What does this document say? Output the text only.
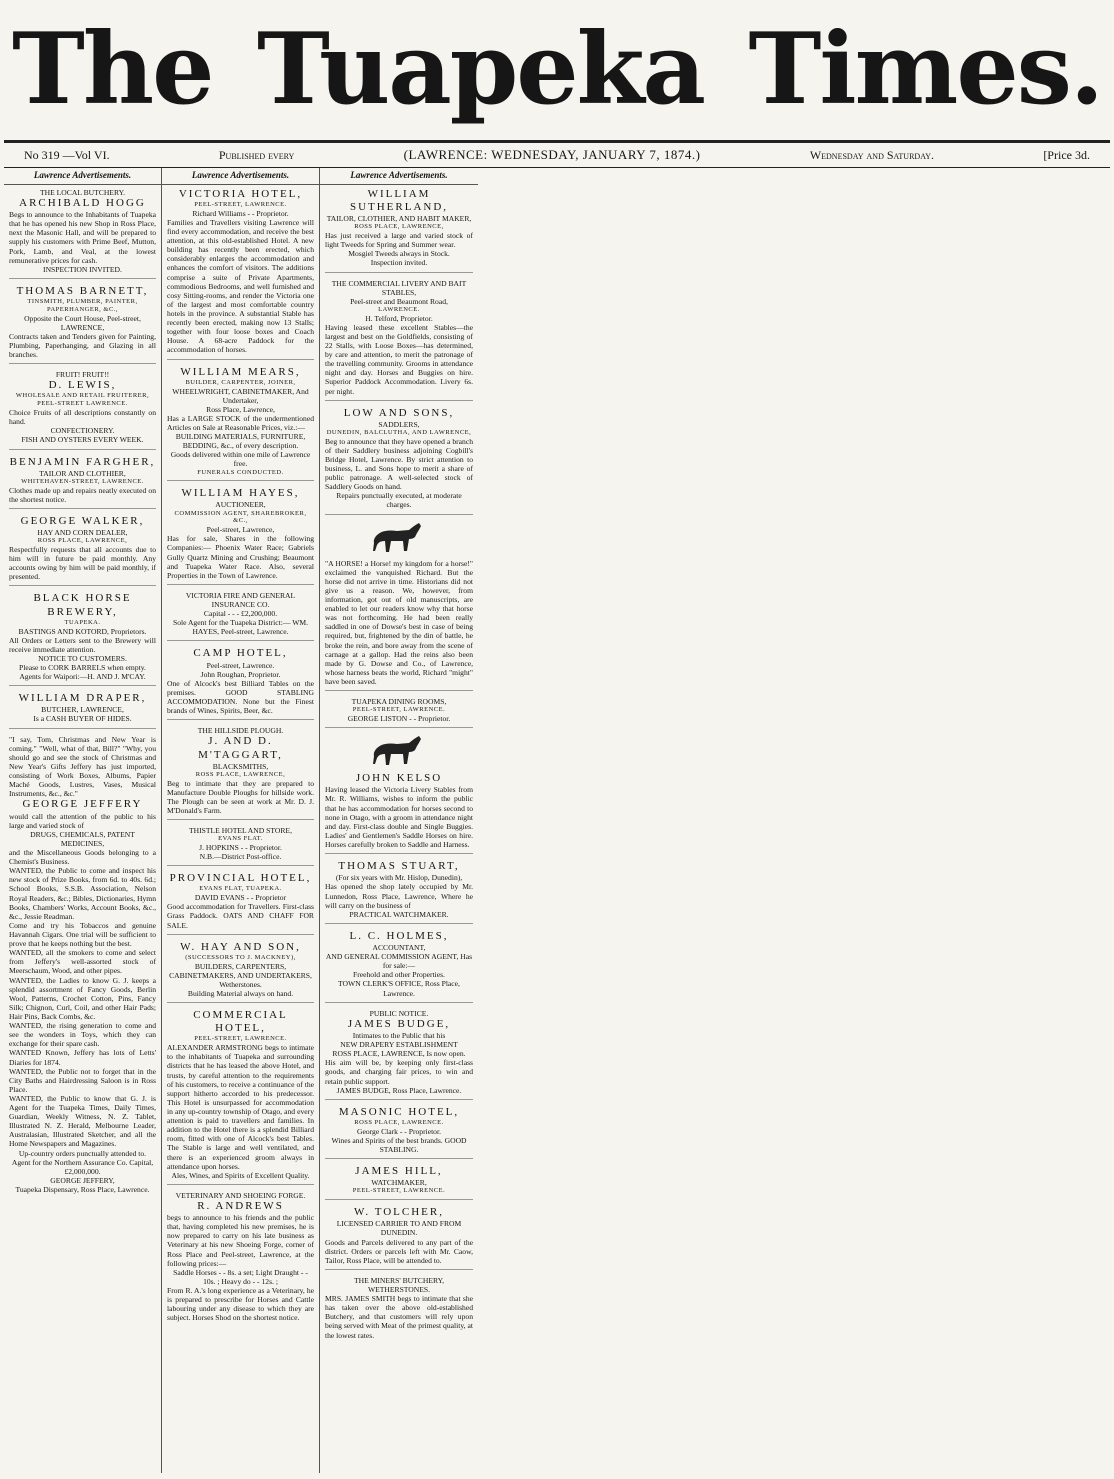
The Tuapeka Times.
No 319 —Vol VI.	Published every	(LAWRENCE: WEDNESDAY, JANUARY 7, 1874.)	Wednesday and Saturday.	[Price 3d.
Lawrence Advertisements.
THE LOCAL BUTCHERY.
ARCHIBALD HOGG
Begs to announce to the Inhabitants of Tuapeka that he has opened his new Shop in Ross Place, next the Masonic Hall, and will be prepared to supply his customers with Prime Beef, Mutton, Pork, Lamb, and Veal, at the lowest remunerative prices for cash.
INSPECTION INVITED.
THOMAS BARNETT,
TINSMITH, PLUMBER, PAINTER, PAPERHANGER, &C.,
Opposite the Court House, Peel-street, LAWRENCE,
Contracts taken and Tenders given for Painting, Plumbing, Paperhanging, and Glazing in all branches.
FRUIT! FRUIT!!
D. LEWIS,
WHOLESALE AND RETAIL FRUITERER, PEEL-STREET LAWRENCE.
Choice Fruits of all descriptions constantly on hand.
CONFECTIONERY.
FISH AND OYSTERS EVERY WEEK.
BENJAMIN FARGHER,
TAILOR AND CLOTHIER,
WHITEHAVEN-STREET, LAWRENCE.
Clothes made up and repairs neatly executed on the shortest notice.
GEORGE WALKER,
HAY AND CORN DEALER,
ROSS PLACE, LAWRENCE,
Respectfully requests that all accounts due to him will in future be paid monthly. Any accounts owing by him will be paid monthly, if presented.
BLACK HORSE BREWERY,
TUAPEKA.
BASTINGS AND KOTORD, Proprietors.
All Orders or Letters sent to the Brewery will receive immediate attention.
NOTICE TO CUSTOMERS.
Please to CORK BARRELS when empty.
Agents for Waipori:—H. AND J. M'CAY.
WILLIAM DRAPER,
BUTCHER, LAWRENCE,
Is a CASH BUYER OF HIDES.
"I say, Tom, Christmas and New Year is coming." "Well, what of that, Bill?" "Why, you should go and see the stock of Christmas and New Year's Gifts Jeffery has just imported, consisting of Work Boxes, Albums, Papier Maché Goods, Lustres, Vases, Musical Instruments, &c., &c."
GEORGE JEFFERY
would call the attention of the public to his large and varied stock of
DRUGS, CHEMICALS, PATENT MEDICINES,
and the Miscellaneous Goods belonging to a Chemist's Business.
WANTED, the Public to come and inspect his new stock of Prize Books, from 6d. to 40s. 6d.; School Books, S.S.B. Association, Nelson Royal Readers, &c.; Bibles, Dictionaries, Hymn Books, Chambers' Works, Account Books, &c., &c., Jessie Readman.
Come and try his Tobaccos and genuine Havannah Cigars. One trial will be sufficient to prove that he keeps nothing but the best.
WANTED, all the smokers to come and select from Jeffery's well-assorted stock of Meerschaum, Wood, and other pipes.
WANTED, the Ladies to know G. J. keeps a splendid assortment of Fancy Goods, Berlin Wool, Patterns, Crochet Cotton, Pins, Fancy Silk; Chignon, Curl, Coil, and other Hair Pads; Hair Pins, Back Combs, &c.
WANTED, the rising generation to come and see the wonders in Toys, which they can exchange for their spare cash.
WANTED Known, Jeffery has lots of Letts' Diaries for 1874.
WANTED, the Public not to forget that in the City Baths and Hairdressing Saloon is in Ross Place.
WANTED, the Public to know that G. J. is Agent for the Tuapeka Times, Daily Times, Guardian, Weekly Witness, N. Z. Tablet, Illustrated N. Z. Herald, Melbourne Leader, Australasian, Illustrated Sketcher, and all the Home Newspapers and Magazines.
Up-country orders punctually attended to.
Agent for the Northern Assurance Co. Capital, £2,000,000.
GEORGE JEFFERY,
Tuapeka Dispensary, Ross Place, Lawrence.
Lawrence Advertisements.
VICTORIA HOTEL,
PEEL-STREET, LAWRENCE.
Richard Williams - - Proprietor.
Families and Travellers visiting Lawrence will find every accommodation, and receive the best attention, at this old-established Hotel. A new building has recently been erected, which considerably enlarges the accommodation and enhances the comfort of visitors. The additions comprise a suite of Private Apartments, commodious Bedrooms, and well furnished and cosy Sitting-rooms, and render the Victoria one of the largest and most comfortable country hotels in the province. A substantial Stable has recently been erected, making now 13 Stalls; together with four loose boxes and Coach House. A 68-acre Paddock for the accommodation of horses.
WILLIAM MEARS,
BUILDER, CARPENTER, JOINER,
WHEELWRIGHT, CABINETMAKER, And Undertaker,
Ross Place, Lawrence,
Has a LARGE STOCK of the undermentioned Articles on Sale at Reasonable Prices, viz.:—
BUILDING MATERIALS, FURNITURE, BEDDING, &c., of every description.
Goods delivered within one mile of Lawrence free.
FUNERALS CONDUCTED.
WILLIAM HAYES,
AUCTIONEER,
COMMISSION AGENT, SHAREBROKER, &C.,
Peel-street, Lawrence,
Has for sale, Shares in the following Companies:— Phoenix Water Race; Gabriels Gully Quartz Mining and Crushing; Beaumont and Tuapeka Water Race. Also, several Properties in the Town of Lawrence.
VICTORIA FIRE AND GENERAL INSURANCE CO.
Capital - - - £2,200,000.
Sole Agent for the Tuapeka District:— WM. HAYES, Peel-street, Lawrence.
CAMP HOTEL,
Peel-street, Lawrence.
John Roughan, Proprietor.
One of Alcock's best Billiard Tables on the premises. GOOD STABLING ACCOMMODATION. None but the Finest brands of Wines, Spirits, Beer, &c.
THE HILLSIDE PLOUGH.
J. AND D. M'TAGGART,
BLACKSMITHS,
ROSS PLACE, LAWRENCE,
Beg to intimate that they are prepared to Manufacture Double Ploughs for hillside work. The Plough can be seen at work at Mr. D. J. M'Donald's Farm.
THISTLE HOTEL AND STORE,
EVANS FLAT.
J. HOPKINS - - Proprietor.
N.B.—District Post-office.
PROVINCIAL HOTEL,
EVANS FLAT, TUAPEKA.
DAVID EVANS - - Proprietor
Good accommodation for Travellers. First-class Grass Paddock. OATS AND CHAFF FOR SALE.
W. HAY AND SON,
(SUCCESSORS TO J. MACKNEY),
BUILDERS, CARPENTERS, CABINETMAKERS, AND UNDERTAKERS, Wetherstones.
Building Material always on hand.
COMMERCIAL HOTEL,
PEEL-STREET, LAWRENCE.
ALEXANDER ARMSTRONG begs to intimate to the inhabitants of Tuapeka and surrounding districts that he has leased the above Hotel, and trusts, by careful attention to the requirements of his customers, to receive a continuance of the support hitherto accorded to his predecessor. This Hotel is unsurpassed for accommodation in any up-country township of Otago, and every attention is paid to travellers and families. In addition to the Hotel there is a splendid Billiard room, fitted with one of Alcock's best Tables. The Stable is large and well ventilated, and there is an experienced groom always in attendance upon horses.
Ales, Wines, and Spirits of Excellent Quality.
VETERINARY AND SHOEING FORGE.
R. ANDREWS
begs to announce to his friends and the public that, having completed his new premises, he is now prepared to carry on his late business as Veterinary at his new Shoeing Forge, corner of Ross Place and Peel-street, Lawrence, at the following prices:—
Saddle Horses - - 8s. a set; Light Draught - - 10s. ; Heavy do - - 12s. ;
From R. A.'s long experience as a Veterinary, he is prepared to prescribe for Horses and Cattle labouring under any disease to which they are subject. Horses Shod on the shortest notice.
Lawrence Advertisements.
WILLIAM SUTHERLAND,
TAILOR, CLOTHIER, AND HABIT MAKER,
ROSS PLACE, LAWRENCE,
Has just received a large and varied stock of light Tweeds for Spring and Summer wear.
Mosgiel Tweeds always in Stock.
Inspection invited.
THE COMMERCIAL LIVERY AND BAIT STABLES,
Peel-street and Beaumont Road,
LAWRENCE.
H. Telford, Proprietor.
Having leased these excellent Stables—the largest and best on the Goldfields, consisting of 22 Stalls, with Loose Boxes—has determined, by care and attention, to merit the patronage of the travelling community. Grooms in attendance night and day. Horses and Buggies on hire. Superior Paddock Accommodation. Livery 6s. per night.
LOW AND SONS,
SADDLERS,
DUNEDIN, BALCLUTHA, AND LAWRENCE,
Beg to announce that they have opened a branch of their Saddlery business adjoining Cogbill's Bridge Hotel, Lawrence. By strict attention to business, L. and Sons hope to merit a share of public patronage. A well-selected stock of Saddlery Goods on hand.
Repairs punctually executed, at moderate charges.
"A HORSE! a Horse! my kingdom for a horse!" exclaimed the vanquished Richard. But the horse did not arrive in time. Historians did not give us a reason. We, however, from information, got out of old manuscripts, are enabled to let our readers know why that horse was not forthcoming. He had been really saddled in one of Dowse's best in case of being required, but, frightened by the din of battle, he broke the rein, and bore away from the scene of carnage at a gallop. Had the reins also been made by G. Dowse and Co., of Lawrence, whose harness beats the world, Richard "might" have been saved.
TUAPEKA DINING ROOMS,
PEEL-STREET, LAWRENCE.
GEORGE LISTON - - Proprietor.
JOHN KELSO
Having leased the Victoria Livery Stables from Mr. R. Williams, wishes to inform the public that he has accommodation for horses second to none in Otago, with a groom in attendance night and day. First-class double and Single Buggies. Ladies' and Gentlemen's Saddle Horses on hire. Horses carefully broken to Saddle and Harness.
THOMAS STUART,
(For six years with Mr. Hislop, Dunedin),
Has opened the shop lately occupied by Mr. Lunnedon, Ross Place, Lawrence, Where he will carry on the business of
PRACTICAL WATCHMAKER.
L. C. HOLMES,
ACCOUNTANT,
AND GENERAL COMMISSION AGENT, Has for sale:—
Freehold and other Properties.
TOWN CLERK'S OFFICE, Ross Place, Lawrence.
PUBLIC NOTICE.
JAMES BUDGE,
Intimates to the Public that his
NEW DRAPERY ESTABLISHMENT
ROSS PLACE, LAWRENCE, Is now open.
His aim will be, by keeping only first-class goods, and charging fair prices, to win and retain public support.
JAMES BUDGE, Ross Place, Lawrence.
MASONIC HOTEL,
ROSS PLACE, LAWRENCE.
George Clark - - Proprietor.
Wines and Spirits of the best brands. GOOD STABLING.
JAMES HILL,
WATCHMAKER,
PEEL-STREET, LAWRENCE.
W. TOLCHER,
LICENSED CARRIER TO AND FROM DUNEDIN.
Goods and Parcels delivered to any part of the district. Orders or parcels left with Mr. Caow, Tailor, Ross Place, will be attended to.
THE MINERS' BUTCHERY, WETHERSTONES.
MRS. JAMES SMITH begs to intimate that she has taken over the above old-established Butchery, and that customers will rely upon being served with Meat of the primest quality, at the lowest rates.
